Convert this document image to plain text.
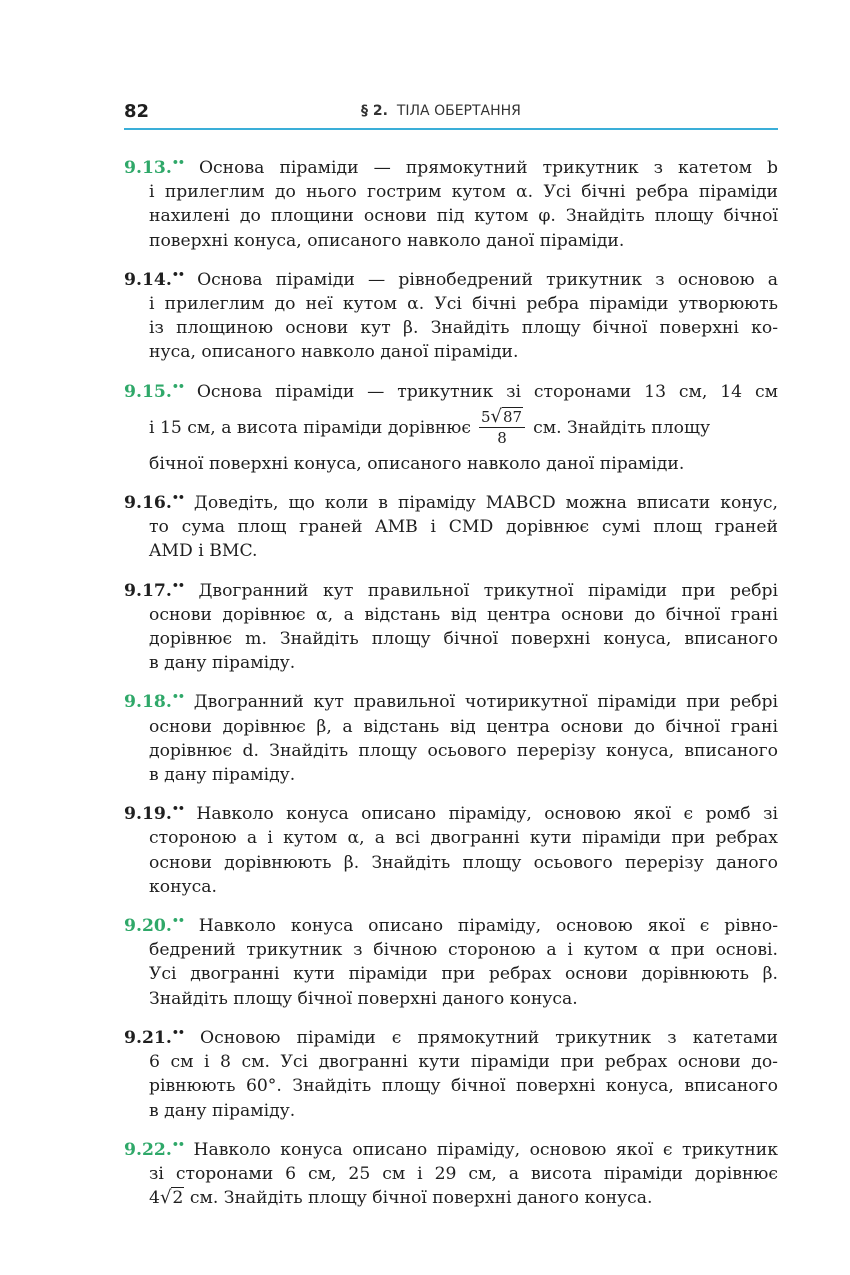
82	§ 2. ТІЛА ОБЕРТАННЯ
9.13.•• Основа піраміди — прямокутний трикутник з катетом b
і прилеглим до нього гострим кутом α. Усі бічні ребра піраміди
нахилені до площини основи під кутом φ. Знайдіть площу бічної
поверхні конуса, описаного навколо даної піраміди.
9.14.•• Основа піраміди — рівнобедрений трикутник з основою a
і прилеглим до неї кутом α. Усі бічні ребра піраміди утворюють
із площиною основи кут β. Знайдіть площу бічної поверхні ко-
нуса, описаного навколо даної піраміди.
9.15.•• Основа піраміди — трикутник зі сторонами 13 см, 14 см
і 15 см, а висота піраміди дорівнює $\frac{5√87}{8}$ см. Знайдіть площу
бічної поверхні конуса, описаного навколо даної піраміди.
9.16.•• Доведіть, що коли в піраміду MABCD можна вписати конус,
то сума площ граней AMB і CMD дорівнює сумі площ граней
AMD і BMC.
9.17.•• Двогранний кут правильної трикутної піраміди при ребрі
основи дорівнює α, а відстань від центра основи до бічної грані
дорівнює m. Знайдіть площу бічної поверхні конуса, вписаного
в дану піраміду.
9.18.•• Двогранний кут правильної чотирикутної піраміди при ребрі
основи дорівнює β, а відстань від центра основи до бічної грані
дорівнює d. Знайдіть площу осьового перерізу конуса, вписаного
в дану піраміду.
9.19.•• Навколо конуса описано піраміду, основою якої є ромб зі
стороною a і кутом α, а всі двогранні кути піраміди при ребрах
основи дорівнюють β. Знайдіть площу осьового перерізу даного
конуса.
9.20.•• Навколо конуса описано піраміду, основою якої є рівно-
бедрений трикутник з бічною стороною a і кутом α при основі.
Усі двогранні кути піраміди при ребрах основи дорівнюють β.
Знайдіть площу бічної поверхні даного конуса.
9.21.•• Основою піраміди є прямокутний трикутник з катетами
6 см і 8 см. Усі двогранні кути піраміди при ребрах основи до-
рівнюють 60°. Знайдіть площу бічної поверхні конуса, вписаного
в дану піраміду.
9.22.•• Навколо конуса описано піраміду, основою якої є трикутник
зі сторонами 6 см, 25 см і 29 см, а висота піраміди дорівнює
4√2 см. Знайдіть площу бічної поверхні даного конуса.
